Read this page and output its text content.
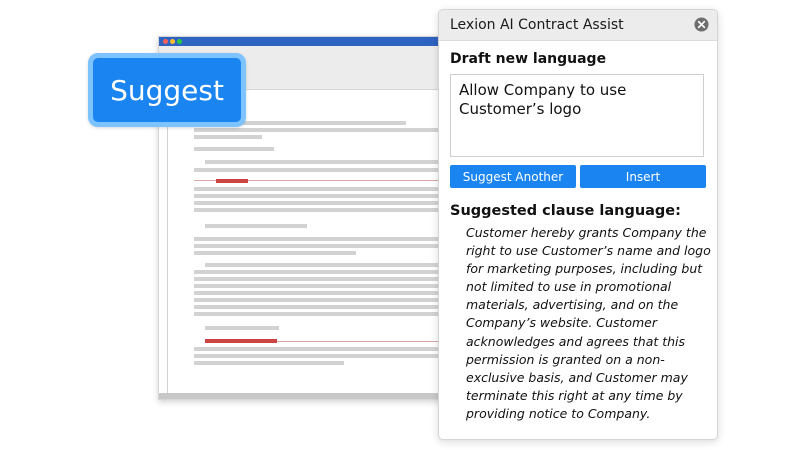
Suggest
Lexion AI Contract Assist
Draft new language
Allow Company to use Customer’s logo
Suggest Another	Insert
Suggested clause language:

Customer hereby grants Company the right to use Customer’s name and logo for marketing purposes, including but not limited to use in promotional materials, advertising, and on the Company’s website. Customer acknowledges and agrees that this permission is granted on a non-exclusive basis, and Customer may terminate this right at any time by providing notice to Company.
